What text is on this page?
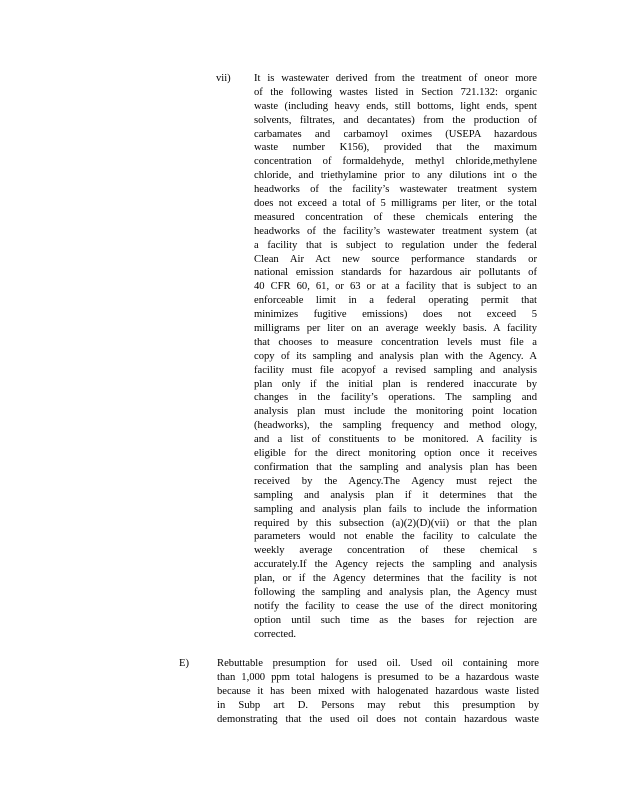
vii) It is wastewater derived from the treatment of oneor more
of the following wastes listed in Section 721.132: organic
waste (including heavy ends, still bottoms, light ends, spent
solvents, filtrates, and decantates) from the production of
carbamates and carbamoyl oximes (USEPA hazardous
waste number K156), provided that the maximum
concentration of formaldehyde, methyl chloride,methylene
chloride, and triethylamine prior to any dilutions int o the
headworks of the facility’s wastewater treatment system
does not exceed a total of 5 milligrams per liter, or the total
measured concentration of these chemicals entering the
headworks of the facility’s wastewater treatment system (at
a facility that is subject to regulation under the federal
Clean Air Act new source performance standards or
national emission standards for hazardous air pollutants of
40 CFR 60, 61, or 63 or at a facility that is subject to an
enforceable limit in a federal operating permit that
minimizes fugitive emissions) does not exceed 5
milligrams per liter on an average weekly basis. A facility
that chooses to measure concentration levels must file a
copy of its sampling and analysis plan with the Agency. A
facility must file acopyof a revised sampling and analysis
plan only if the initial plan is rendered inaccurate by
changes in the facility’s operations. The sampling and
analysis plan must include the monitoring point location
(headworks), the sampling frequency and method ology,
and a list of constituents to be monitored. A facility is
eligible for the direct monitoring option once it receives
confirmation that the sampling and analysis plan has been
received by the Agency.The Agency must reject the
sampling and analysis plan if it determines that the
sampling and analysis plan fails to include the information
required by this subsection (a)(2)(D)(vii) or that the plan
parameters would not enable the facility to calculate the
weekly average concentration of these chemical s
accurately.If the Agency rejects the sampling and analysis
plan, or if the Agency determines that the facility is not
following the sampling and analysis plan, the Agency must
notify the facility to cease the use of the direct monitoring
option until such time as the bases for rejection are
corrected.
E)	Rebuttable presumption for used oil. Used oil containing more
than 1,000 ppm total halogens is presumed to be a hazardous waste
because it has been mixed with halogenated hazardous waste listed
in Subp art D. Persons may rebut this presumption by
demonstrating that the used oil does not contain hazardous waste
